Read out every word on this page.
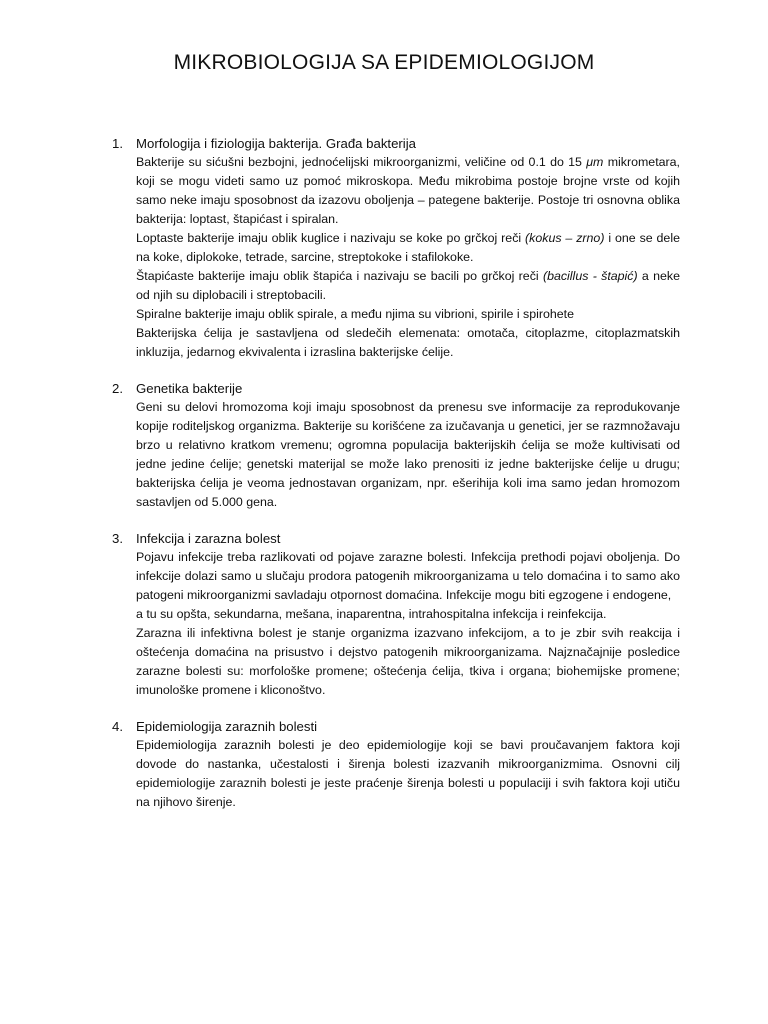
MIKROBIOLOGIJA SA EPIDEMIOLOGIJOM
1. Morfologija i fiziologija bakterija. Građa bakterija
Bakterije su sićušni bezbojni, jednoćelijski mikroorganizmi, veličine od 0.1 do 15 μm mikrometara,
koji se mogu videti samo uz pomoć mikroskopa. Među mikrobima postoje brojne vrste od kojih
samo neke imaju sposobnost da izazovu oboljenja – pategene bakterije. Postoje tri osnovna oblika
bakterija: loptast, štapićast i spiralan.
Loptaste bakterije imaju oblik kuglice i nazivaju se koke po grčkoj reči (kokus – zrno) i one se dele
na koke, diplokoke, tetrade, sarcine, streptokoke i stafilokoke.
Štapićaste bakterije imaju oblik štapića i nazivaju se bacili po grčkoj reči (bacillus - štapić) a neke
od njih su diplobacili i streptobacili.
Spiralne bakterije imaju oblik spirale, a među njima su vibrioni, spirile i spirohete
Bakterijska ćelija je sastavljena od sledečih elemenata: omotača, citoplazme, citoplazmatskih
inkluzija, jedarnog ekvivalenta i izraslina bakterijske ćelije.
2. Genetika bakterije
Geni su delovi hromozoma koji imaju sposobnost da prenesu sve informacije za reprodukovanje
kopije roditeljskog organizma. Bakterije su korišćene za izučavanja u genetici, jer se razmnožavaju
brzo u relativno kratkom vremenu; ogromna populacija bakterijskih ćelija se može kultivisati od
jedne jedine ćelije; genetski materijal se može lako prenositi iz jedne bakterijske ćelije u drugu;
bakterijska ćelija je veoma jednostavan organizam, npr. ešerihija koli ima samo jedan hromozom
sastavljen od 5.000 gena.
3. Infekcija i zarazna bolest
Pojavu infekcije treba razlikovati od pojave zarazne bolesti. Infekcija prethodi pojavi oboljenja. Do
infekcije dolazi samo u slučaju prodora patogenih mikroorganizama u telo domaćina i to samo ako
patogeni mikroorganizmi savladaju otpornost domaćina. Infekcije mogu biti egzogene i endogene,
a tu su opšta, sekundarna, mešana, inaparentna, intrahospitalna infekcija i reinfekcija.
Zarazna ili infektivna bolest je stanje organizma izazvano infekcijom, a to je zbir svih reakcija i
oštećenja domaćina na prisustvo i dejstvo patogenih mikroorganizama. Najznačajnije posledice
zarazne bolesti su: morfološke promene; oštećenja ćelija, tkiva i organa; biohemijske promene;
imunološke promene i kliconoštvo.
4. Epidemiologija zaraznih bolesti
Epidemiologija zaraznih bolesti je deo epidemiologije koji se bavi proučavanjem faktora koji
dovode do nastanka, učestalosti i širenja bolesti izazvanih mikroorganizmima. Osnovni cilj
epidemiologije zaraznih bolesti je jeste praćenje širenja bolesti u populaciji i svih faktora koji utiču
na njihovo širenje.
